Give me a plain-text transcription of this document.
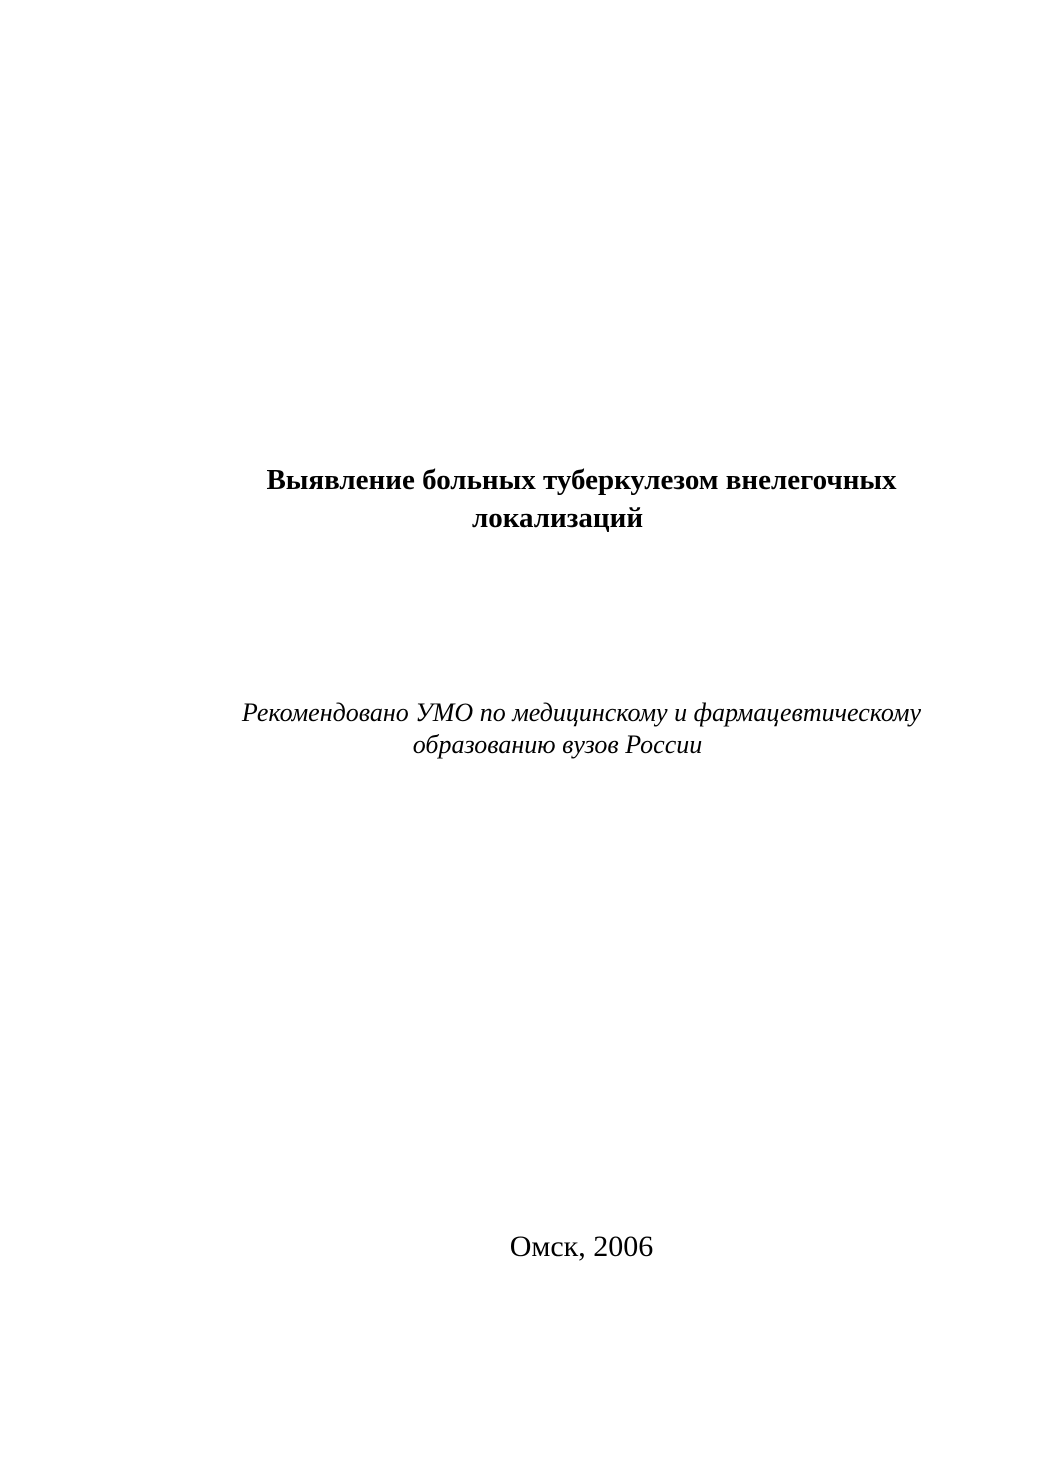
Выявление больных туберкулезом внелегочных
локализаций

Рекомендовано УМО по медицинскому и фармацевтическому

образованию вузов России

Омск, 2006
